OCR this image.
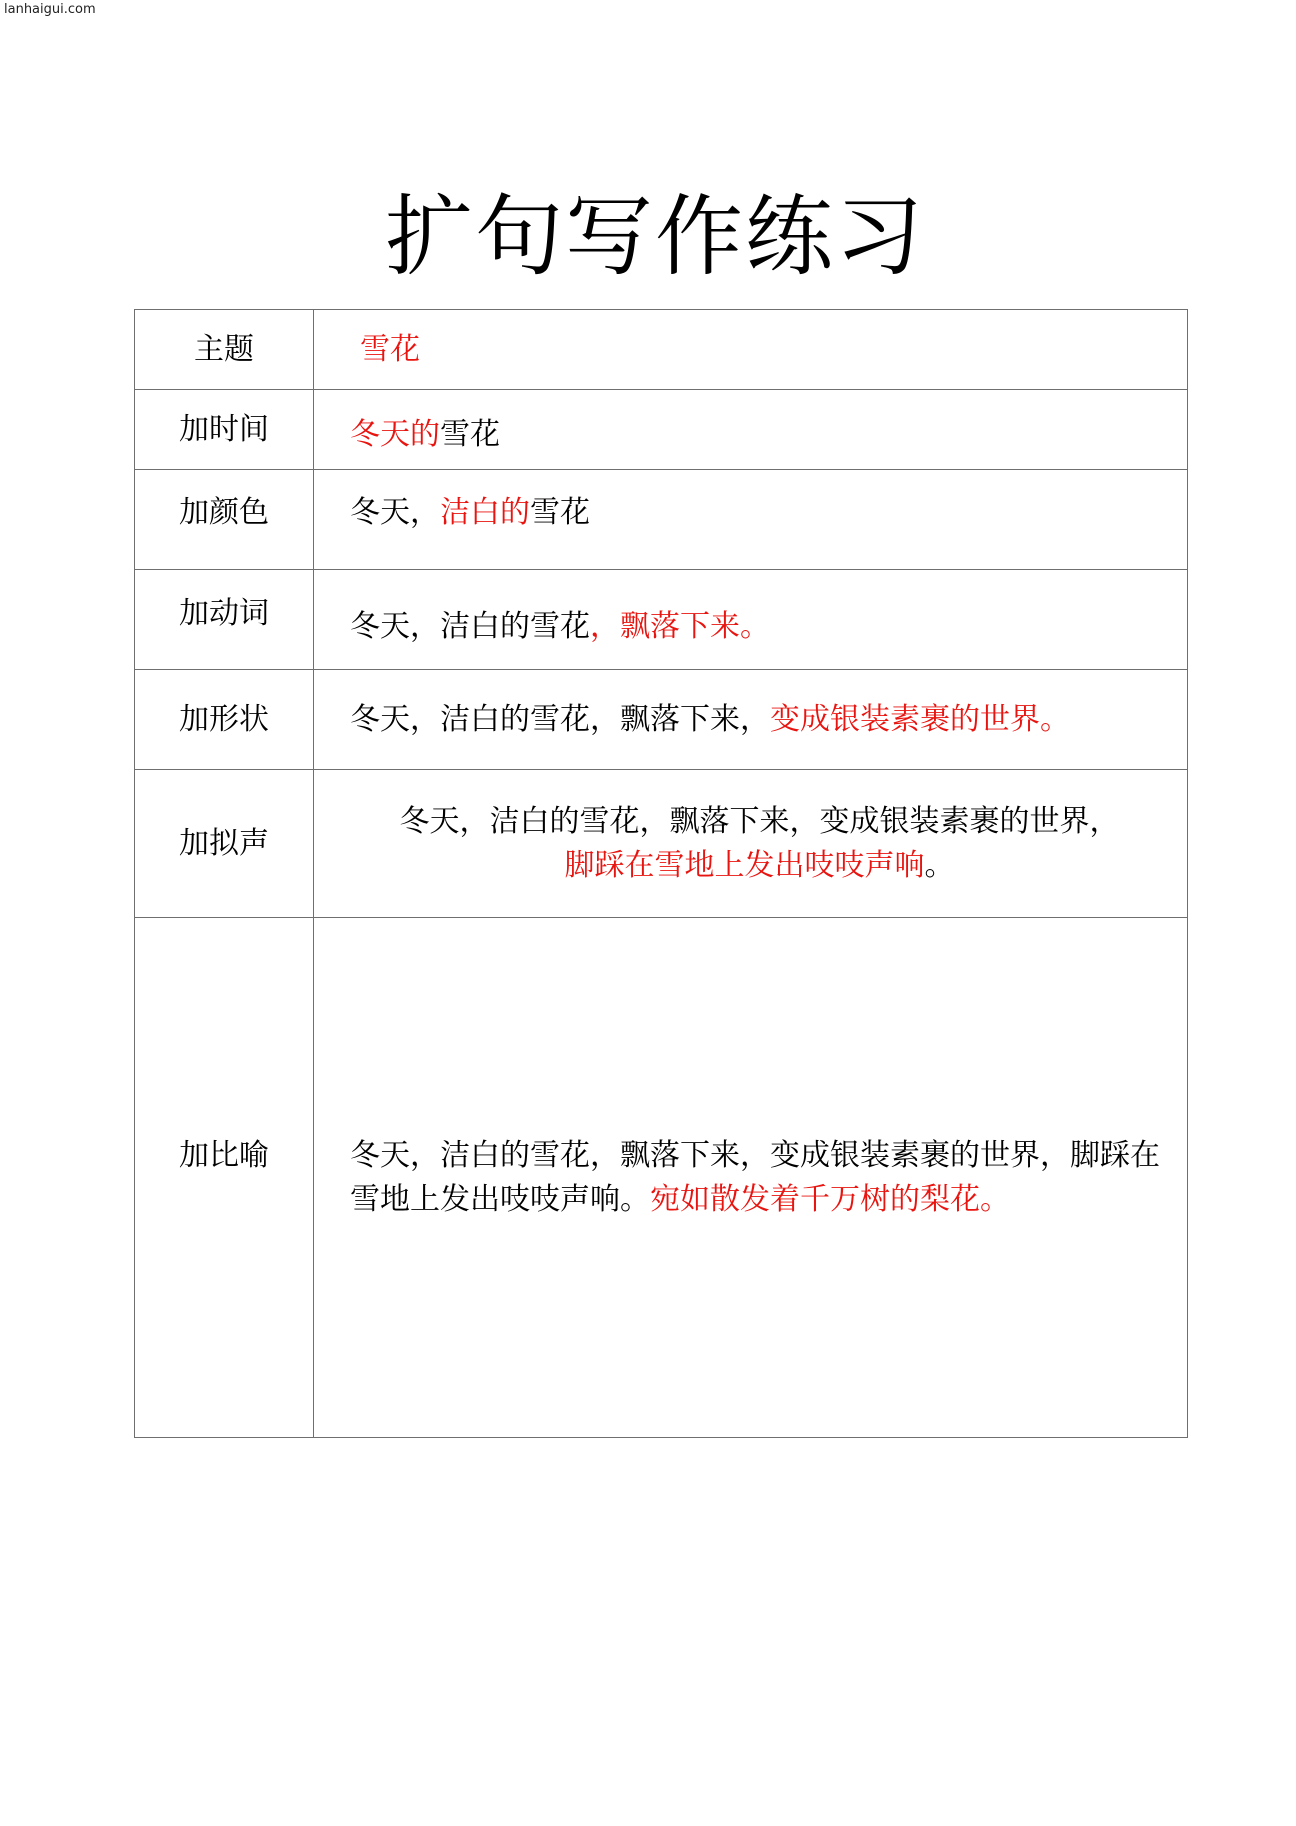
lanhaigui.com
扩句写作练习
主题	雪花
加时间	冬天的雪花
加颜色	冬天，洁白的雪花
加动词	冬天，洁白的雪花，飘落下来。
加形状	冬天，洁白的雪花，飘落下来，变成银装素裹的世界。
加拟声	冬天，洁白的雪花，飘落下来，变成银装素裹的世界，
脚踩在雪地上发出吱吱声响。

加比喻	冬天，洁白的雪花，飘落下来，变成银装素裹的世界，脚踩在雪地上发出吱吱声响。宛如散发着千万树的梨花。
